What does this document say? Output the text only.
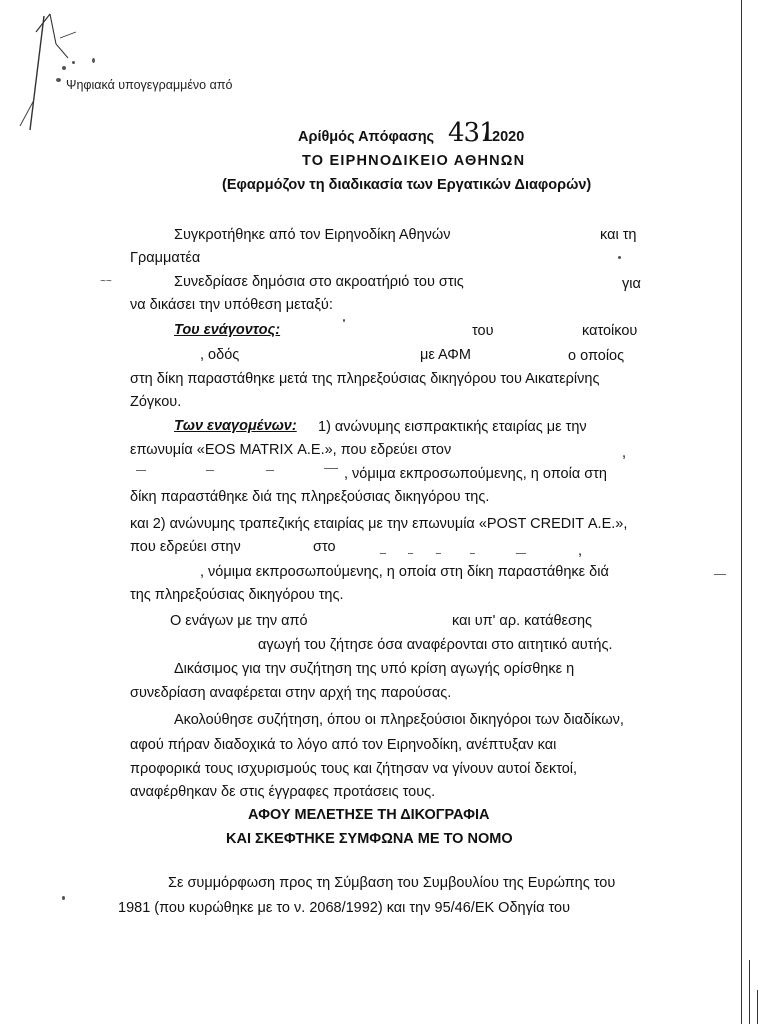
Ψηφιακά υπογεγραμμένο από
Αρίθμός Απόφασης 431
/ 2020
ΤΟ ΕΙΡΗΝΟΔΙΚΕΙΟ ΑΘΗΝΩΝ
(Εφαρμόζον τη διαδικασία των Εργατικών Διαφορών)
Συγκροτήθηκε από τον Ειρηνοδίκη Αθηνών	και τη
Γραμματέα
~~	Συνεδρίασε δημόσια στο ακροατήριό του στις	για
να δικάσει την υπόθεση μεταξύ:
Του ενάγοντος:	του	κατοίκου
, οδός	με ΑΦΜ	ο οποίος
στη δίκη παραστάθηκε μετά της πληρεξούσιας δικηγόρου του Αικατερίνης
Ζόγκου.
Των εναγομένων: 1) ανώνυμης εισπρακτικής εταιρίας με την
επωνυμία «EOS MATRIX Α.Ε.», που εδρεύει στον	,
, νόμιμα εκπροσωπούμενης, η οποία στη
δίκη παραστάθηκε διά της πληρεξούσιας δικηγόρου της.
και 2) ανώνυμης τραπεζικής εταιρίας με την επωνυμία «POST CREDIT Α.Ε.»,
που εδρεύει στην	στο	,
, νόμιμα εκπροσωπούμενης, η οποία στη δίκη παραστάθηκε διά
της πληρεξούσιας δικηγόρου της.
Ο ενάγων με την από	και υπ' αρ. κατάθεσης
αγωγή του ζήτησε όσα αναφέρονται στο αιτητικό αυτής.
Δικάσιμος για την συζήτηση της υπό κρίση αγωγής ορίσθηκε η
συνεδρίαση αναφέρεται στην αρχή της παρούσας.
Ακολούθησε συζήτηση, όπου οι πληρεξούσιοι δικηγόροι των διαδίκων,
αφού πήραν διαδοχικά το λόγο από τον Ειρηνοδίκη, ανέπτυξαν και
προφορικά τους ισχυρισμούς τους και ζήτησαν να γίνουν αυτοί δεκτοί,
αναφέρθηκαν δε στις έγγραφες προτάσεις τους.
ΑΦΟΥ ΜΕΛΕΤΗΣΕ ΤΗ ΔΙΚΟΓΡΑΦΙΑ
ΚΑΙ ΣΚΕΦΤΗΚΕ ΣΥΜΦΩΝΑ ΜΕ ΤΟ ΝΟΜΟ
Σε συμμόρφωση προς τη Σύμβαση του Συμβουλίου της Ευρώπης του
1981 (που κυρώθηκε με το ν. 2068/1992) και την 95/46/ΕΚ Οδηγία του
